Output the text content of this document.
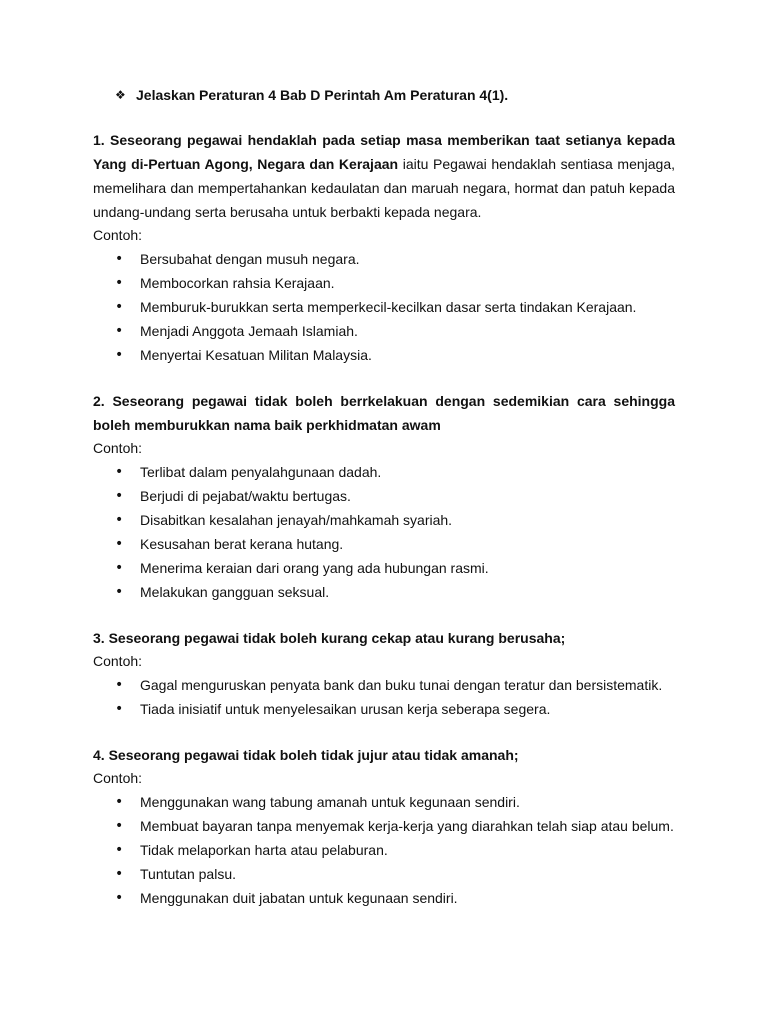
❖ Jelaskan Peraturan 4 Bab D Perintah Am Peraturan 4(1).
1. Seseorang pegawai hendaklah pada setiap masa memberikan taat setianya kepada Yang di-Pertuan Agong, Negara dan Kerajaan iaitu Pegawai hendaklah sentiasa menjaga, memelihara dan mempertahankan kedaulatan dan maruah negara, hormat dan patuh kepada undang-undang serta berusaha untuk berbakti kepada negara.
Contoh:
• Bersubahat dengan musuh negara.
• Membocorkan rahsia Kerajaan.
• Memburuk-burukkan serta memperkecil-kecilkan dasar serta tindakan Kerajaan.
• Menjadi Anggota Jemaah Islamiah.
• Menyertai Kesatuan Militan Malaysia.
2. Seseorang pegawai tidak boleh berrkelakuan dengan sedemikian cara sehingga boleh memburukkan nama baik perkhidmatan awam
Contoh:
• Terlibat dalam penyalahgunaan dadah.
• Berjudi di pejabat/waktu bertugas.
• Disabitkan kesalahan jenayah/mahkamah syariah.
• Kesusahan berat kerana hutang.
• Menerima keraian dari orang yang ada hubungan rasmi.
• Melakukan gangguan seksual.
3. Seseorang pegawai tidak boleh kurang cekap atau kurang berusaha;
Contoh:
• Gagal menguruskan penyata bank dan buku tunai dengan teratur dan bersistematik.
• Tiada inisiatif untuk menyelesaikan urusan kerja seberapa segera.
4. Seseorang pegawai tidak boleh tidak jujur atau tidak amanah;
Contoh:
• Menggunakan wang tabung amanah untuk kegunaan sendiri.
• Membuat bayaran tanpa menyemak kerja-kerja yang diarahkan telah siap atau belum.
• Tidak melaporkan harta atau pelaburan.
• Tuntutan palsu.
• Menggunakan duit jabatan untuk kegunaan sendiri.
